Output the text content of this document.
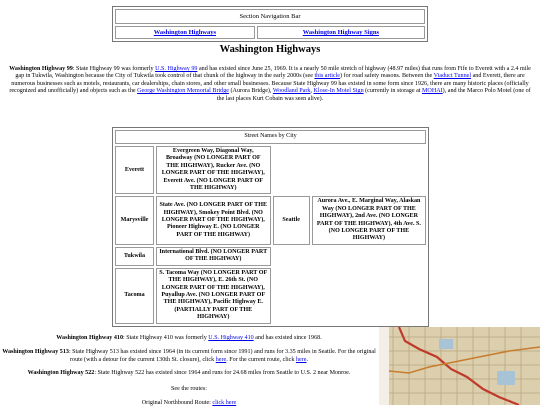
Section Navigation Bar
Washington Highways	Washington Highway Signs
Washington Highways

Washington Highway 99: State Highway 99 was formerly U.S. Highway 99 and has existed since June 25, 1969. It is a nearly 50 mile stretch of highway (48.97 miles) that runs from Fife to Everett with a 2.4 mile gap in Tukwila, Washington because the City of Tukwila took control of that chunk of the highway in the early 2000s (see this article) for road safety reasons. Between the Viaduct Tunnel and Everett, there are numerous businesses such as motels, restaurants, car dealerships, chain stores, and other small businesses. Because State Highway 99 has existed in some form since 1926, there are many historic places (officially recognized and unofficially) and objects such as the George Washington Memorial Bridge (Aurora Bridge), Woodland Park, Klose-In Motel Sign (currently in storage at MOHAI), and the Marco Polo Motel (one of the last places Kurt Cobain was seen alive).

Street Names by City			
Everett	Evergreen Way, Diagonal Way, Broadway (NO LONGER PART OF THE HIGHWAY), Rucker Ave. (NO LONGER PART OF THE HIGHWAY), Everett Ave. (NO LONGER PART OF THE HIGHWAY)		
Marysville	State Ave. (NO LONGER PART OF THE HIGHWAY), Smokey Point Blvd. (NO LONGER PART OF THE HIGHWAY), Pioneer Highway E. (NO LONGER PART OF THE HIGHWAY)	Seattle	Aurora Ave., E. Marginal Way, Alaskan Way (NO LONGER PART OF THE HIGHWAY), 2nd Ave. (NO LONGER PART OF THE HIGHWAY), 4th Ave. S. (NO LONGER PART OF THE HIGHWAY)
Tukwila	International Blvd. (NO LONGER PART OF THE HIGHWAY)		
Tacoma	S. Tacoma Way (NO LONGER PART OF THE HIGHWAY), E. 26th St. (NO LONGER PART OF THE HIGHWAY), Puyallup Ave. (NO LONGER PART OF THE HIGHWAY), Pacific Highway E. (PARTIALLY PART OF THE HIGHWAY)		

Washington Highway 410: State Highway 410 was formerly U.S. Highway 410 and has existed since 1968.

Washington Highway 513: State Highway 513 has existed since 1964 (in its current form since 1991) and runs for 3.35 miles in Seattle. For the original route (with a detour for the current 130th St. closure), click here. For the current route, click here.

Washington Highway 522: State Highway 522 has existed since 1964 and runs for 24.68 miles from Seattle to U.S. 2 near Monroe.

See the routes:

Original Northbound Route: click here
